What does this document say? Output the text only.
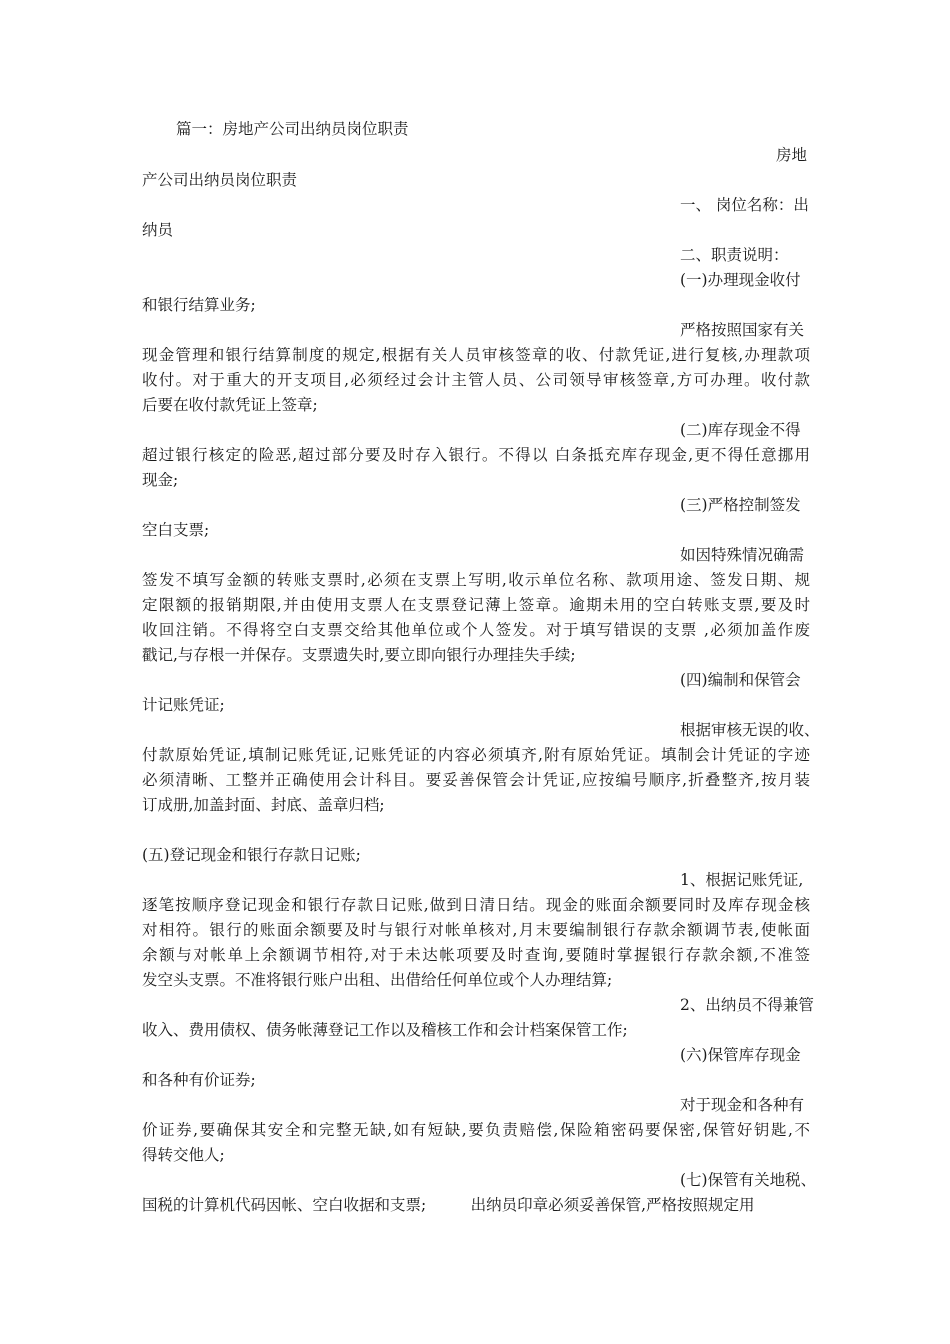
篇一：房地产公司出纳员岗位职责
房地
产公司出纳员岗位职责
一、 岗位名称：出
纳员
二、职责说明：
(一)办理现金收付
和银行结算业务;
严格按照国家有关
现金管理和银行结算制度的规定,根据有关人员审核签章的收、付款凭证,进行复核,办理款项
收付。对于重大的开支项目,必须经过会计主管人员、公司领导审核签章,方可办理。收付款
后要在收付款凭证上签章;
(二)库存现金不得
超过银行核定的险恶,超过部分要及时存入银行。不得以 白条抵充库存现金,更不得任意挪用
现金;
(三)严格控制签发
空白支票;
如因特殊情况确需
签发不填写金额的转账支票时,必须在支票上写明,收示单位名称、款项用途、签发日期、规
定限额的报销期限,并由使用支票人在支票登记薄上签章。逾期未用的空白转账支票,要及时
收回注销。不得将空白支票交给其他单位或个人签发。对于填写错误的支票 ,必须加盖作废
戳记,与存根一并保存。支票遗失时,要立即向银行办理挂失手续;
(四)编制和保管会
计记账凭证;
根据审核无误的收、
付款原始凭证,填制记账凭证,记账凭证的内容必须填齐,附有原始凭证。填制会计凭证的字迹
必须清晰、工整并正确使用会计科目。要妥善保管会计凭证,应按编号顺序,折叠整齐,按月装
订成册,加盖封面、封底、盖章归档;
(五)登记现金和银行存款日记账;
1、根据记账凭证,
逐笔按顺序登记现金和银行存款日记账,做到日清日结。现金的账面余额要同时及库存现金核
对相符。银行的账面余额要及时与银行对帐单核对,月末要编制银行存款余额调节表,使帐面
余额与对帐单上余额调节相符,对于未达帐项要及时查询,要随时掌握银行存款余额,不准签
发空头支票。不准将银行账户出租、出借给任何单位或个人办理结算;
2、出纳员不得兼管
收入、费用债权、债务帐薄登记工作以及稽核工作和会计档案保管工作;
(六)保管库存现金
和各种有价证券;
对于现金和各种有
价证券,要确保其安全和完整无缺,如有短缺,要负责赔偿,保险箱密码要保密,保管好钥匙,不
得转交他人;
(七)保管有关地税、
国税的计算机代码因帐、空白收据和支票;         出纳员印章必须妥善保管,严格按照规定用
